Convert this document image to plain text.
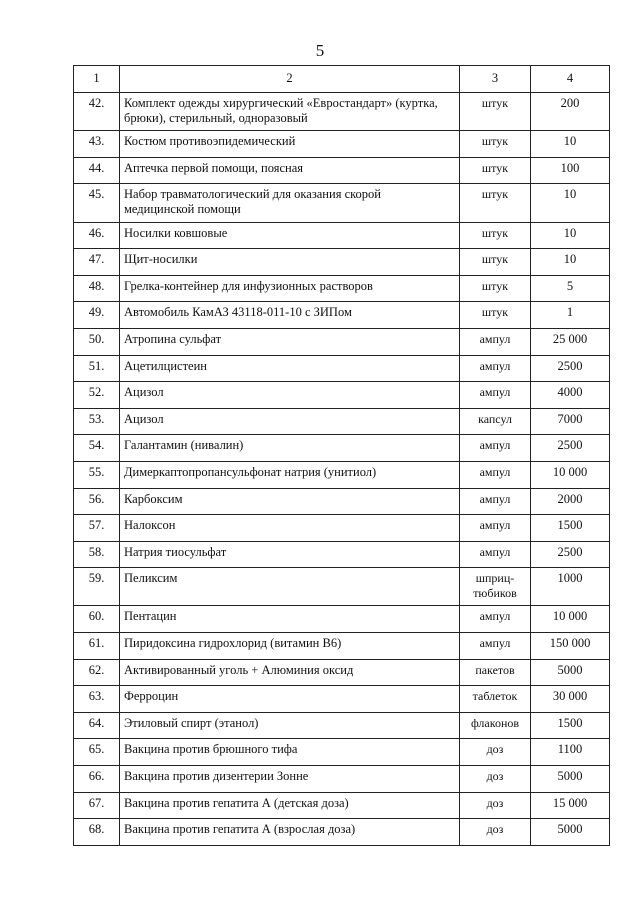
5
1	2	3	4
42.	Комплект одежды хирургический «Евростандарт» (куртка, брюки), стерильный, одноразовый	штук	200
43.	Костюм противоэпидемический	штук	10
44.	Аптечка первой помощи, поясная	штук	100
45.	Набор травматологический для оказания скорой медицинской помощи	штук	10
46.	Носилки ковшовые	штук	10
47.	Щит-носилки	штук	10
48.	Грелка-контейнер для инфузионных растворов	штук	5
49.	Автомобиль КамАЗ 43118-011-10 с ЗИПом	штук	1
50.	Атропина сульфат	ампул	25 000
51.	Ацетилцистеин	ампул	2500
52.	Ацизол	ампул	4000
53.	Ацизол	капсул	7000
54.	Галантамин (нивалин)	ампул	2500
55.	Димеркаптопропансульфонат натрия (унитиол)	ампул	10 000
56.	Карбоксим	ампул	2000
57.	Налоксон	ампул	1500
58.	Натрия тиосульфат	ампул	2500
59.	Пеликсим	шприц-тюбиков	1000
60.	Пентацин	ампул	10 000
61.	Пиридоксина гидрохлорид (витамин В6)	ампул	150 000
62.	Активированный уголь + Алюминия оксид	пакетов	5000
63.	Ферроцин	таблеток	30 000
64.	Этиловый спирт (этанол)	флаконов	1500
65.	Вакцина против брюшного тифа	доз	1100
66.	Вакцина против дизентерии Зонне	доз	5000
67.	Вакцина против гепатита А (детская доза)	доз	15 000
68.	Вакцина против гепатита А (взрослая доза)	доз	5000
